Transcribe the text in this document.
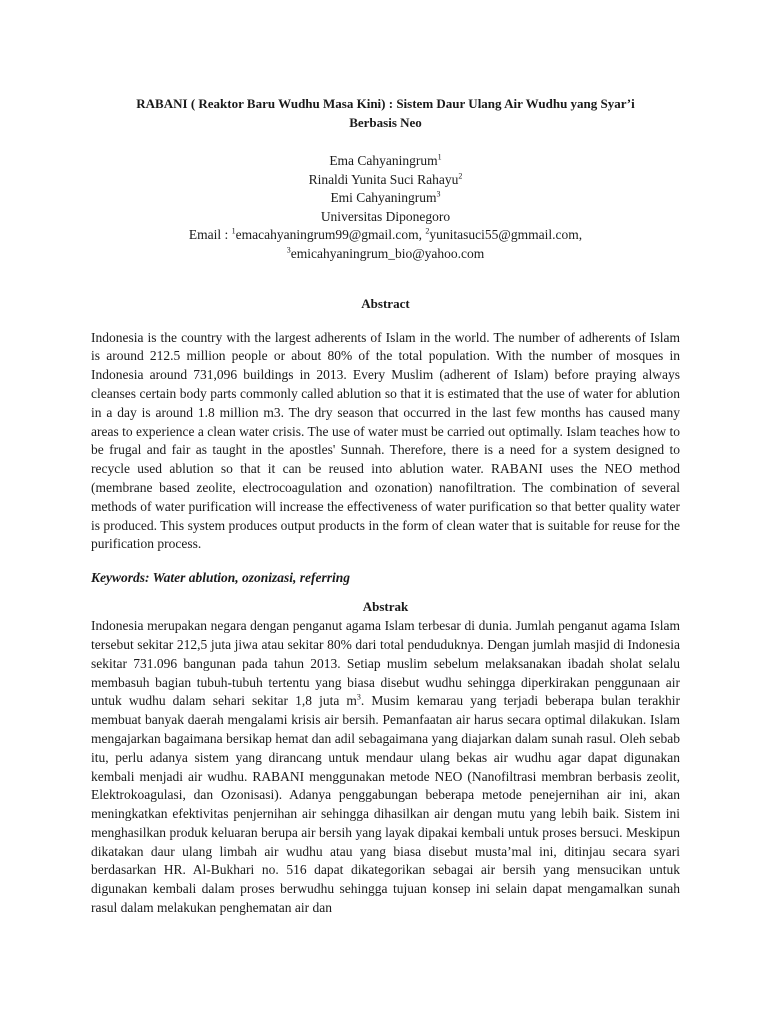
RABANI ( Reaktor Baru Wudhu Masa Kini) : Sistem Daur Ulang Air Wudhu yang Syar’i
Berbasis Neo
Ema Cahyaningrum$^1$
Rinaldi Yunita Suci Rahayu$^2$
Emi Cahyaningrum$^3$
Universitas Diponegoro
Email : $^1$emacahyaningrum99@gmail.com, $^2$yunitasuci55@gmmail.com,
$^3$emicahyaningrum_bio@yahoo.com
Abstract

Indonesia is the country with the largest adherents of Islam in the world. The number of adherents of Islam is around 212.5 million people or about 80% of the total population. With the number of mosques in Indonesia around 731,096 buildings in 2013. Every Muslim (adherent of Islam) before praying always cleanses certain body parts commonly called ablution so that it is estimated that the use of water for ablution in a day is around 1.8 million m3. The dry season that occurred in the last few months has caused many areas to experience a clean water crisis. The use of water must be carried out optimally. Islam teaches how to be frugal and fair as taught in the apostles' Sunnah. Therefore, there is a need for a system designed to recycle used ablution so that it can be reused into ablution water. RABANI uses the NEO method (membrane based zeolite, electrocoagulation and ozonation) nanofiltration. The combination of several methods of water purification will increase the effectiveness of water purification so that better quality water is produced. This system produces output products in the form of clean water that is suitable for reuse for the purification process.

Keywords: Water ablution, ozonizasi, referring
Abstrak

Indonesia merupakan negara dengan penganut agama Islam terbesar di dunia. Jumlah penganut agama Islam tersebut sekitar 212,5 juta jiwa atau sekitar 80% dari total penduduknya. Dengan jumlah masjid di Indonesia sekitar 731.096 bangunan pada tahun 2013. Setiap muslim sebelum melaksanakan ibadah sholat selalu membasuh bagian tubuh-tubuh tertentu yang biasa disebut wudhu sehingga diperkirakan penggunaan air untuk wudhu dalam sehari sekitar 1,8 juta $m^3$. Musim kemarau yang terjadi beberapa bulan terakhir membuat banyak daerah mengalami krisis air bersih. Pemanfaatan air harus secara optimal dilakukan. Islam mengajarkan bagaimana bersikap hemat dan adil sebagaimana yang diajarkan dalam sunah rasul. Oleh sebab itu, perlu adanya sistem yang dirancang untuk mendaur ulang bekas air wudhu agar dapat digunakan kembali menjadi air wudhu. RABANI menggunakan metode NEO (Nanofiltrasi membran berbasis zeolit, Elektrokoagulasi, dan Ozonisasi). Adanya penggabungan beberapa metode penejernihan air ini, akan meningkatkan efektivitas penjernihan air sehingga dihasilkan air dengan mutu yang lebih baik. Sistem ini menghasilkan produk keluaran berupa air bersih yang layak dipakai kembali untuk proses bersuci. Meskipun dikatakan daur ulang limbah air wudhu atau yang biasa disebut musta’mal ini, ditinjau secara syari berdasarkan HR. Al-Bukhari no. 516 dapat dikategorikan sebagai air bersih yang mensucikan untuk digunakan kembali dalam proses berwudhu sehingga tujuan konsep ini selain dapat mengamalkan sunah rasul dalam melakukan penghematan air dan
